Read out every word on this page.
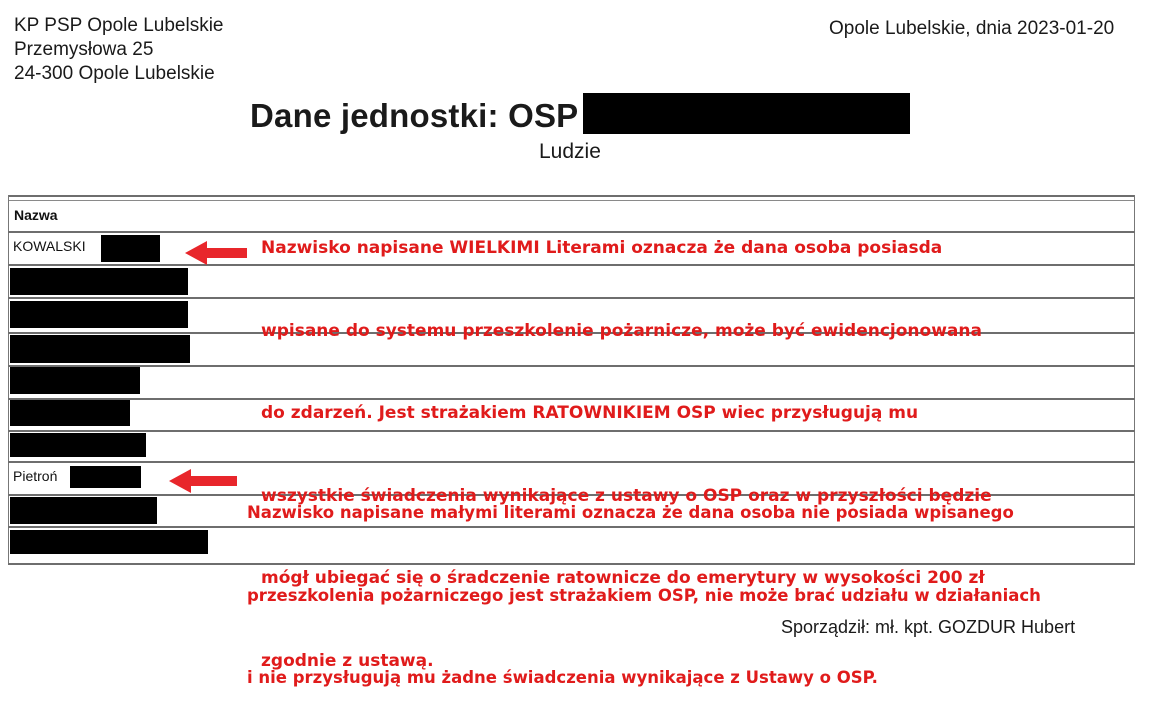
KP PSP Opole Lubelskie
Przemysłowa 25
24-300 Opole Lubelskie
Opole Lubelskie, dnia 2023-01-20
Dane jednostki: OSP
Ludzie
Nazwa
KOWALSKI
Pietroń

Nazwisko napisane WIELKIMI Literami oznacza że dana osoba posiasda

wpisane do systemu przeszkolenie pożarnicze, może być ewidencjonowana

do zdarzeń. Jest strażakiem RATOWNIKIEM OSP wiec przysługują mu

wszystkie świadczenia wynikające z ustawy o OSP oraz w przyszłości będzie

mógł ubiegać się o śradczenie ratownicze do emerytury w wysokości 200 zł

zgodnie z ustawą.

Nazwisko napisane małymi literami oznacza że dana osoba nie posiada wpisanego

przeszkolenia pożarniczego jest strażakiem OSP, nie może brać udziału w działaniach

i nie przysługują mu żadne świadczenia wynikające z Ustawy o OSP.

Sporządził: mł. kpt. GOZDUR Hubert
